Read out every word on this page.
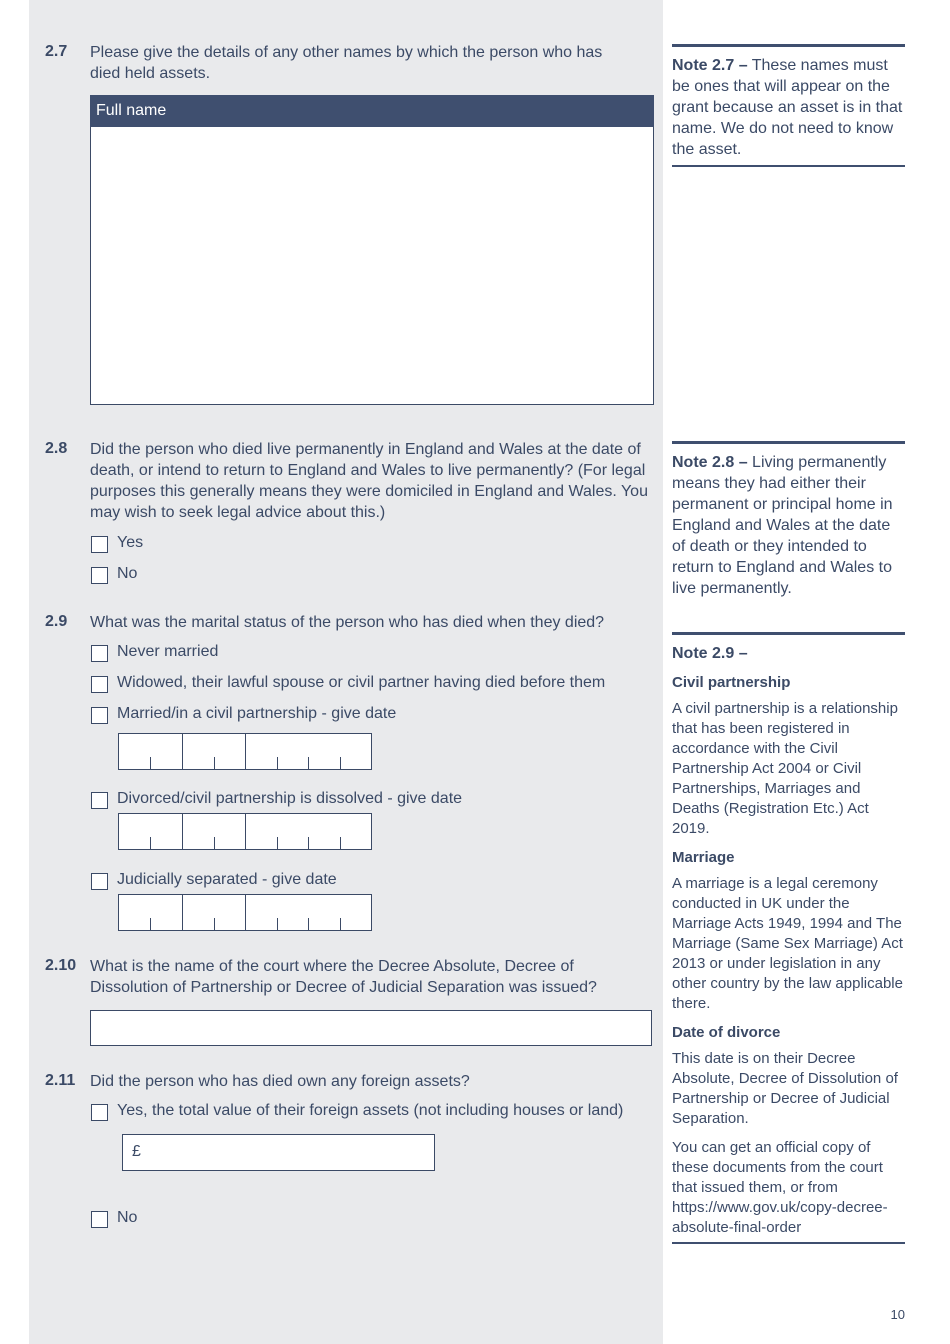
2.7 Please give the details of any other names by which the person who has died held assets.
Full name
Note 2.7 – These names must be ones that will appear on the grant because an asset is in that name. We do not need to know the asset.
2.8 Did the person who died live permanently in England and Wales at the date of death, or intend to return to England and Wales to live permanently? (For legal purposes this generally means they were domiciled in England and Wales. You may wish to seek legal advice about this.)
Yes
No
Note 2.8 – Living permanently means they had either their permanent or principal home in England and Wales at the date of death or they intended to return to England and Wales to live permanently.
2.9 What was the marital status of the person who has died when they died?
Never married
Widowed, their lawful spouse or civil partner having died before them
Married/in a civil partnership - give date
Divorced/civil partnership is dissolved - give date
Judicially separated - give date
Note 2.9 –
Civil partnership
A civil partnership is a relationship that has been registered in accordance with the Civil Partnership Act 2004 or Civil Partnerships, Marriages and Deaths (Registration Etc.) Act 2019.
Marriage
A marriage is a legal ceremony conducted in UK under the Marriage Acts 1949, 1994 and The Marriage (Same Sex Marriage) Act 2013 or under legislation in any other country by the law applicable there.
Date of divorce
This date is on their Decree Absolute, Decree of Dissolution of Partnership or Decree of Judicial Separation.
You can get an official copy of these documents from the court that issued them, or from https://www.gov.uk/copy-decree-absolute-final-order
2.10 What is the name of the court where the Decree Absolute, Decree of Dissolution of Partnership or Decree of Judicial Separation was issued?
2.11 Did the person who has died own any foreign assets?
Yes, the total value of their foreign assets (not including houses or land)
£
No
10
